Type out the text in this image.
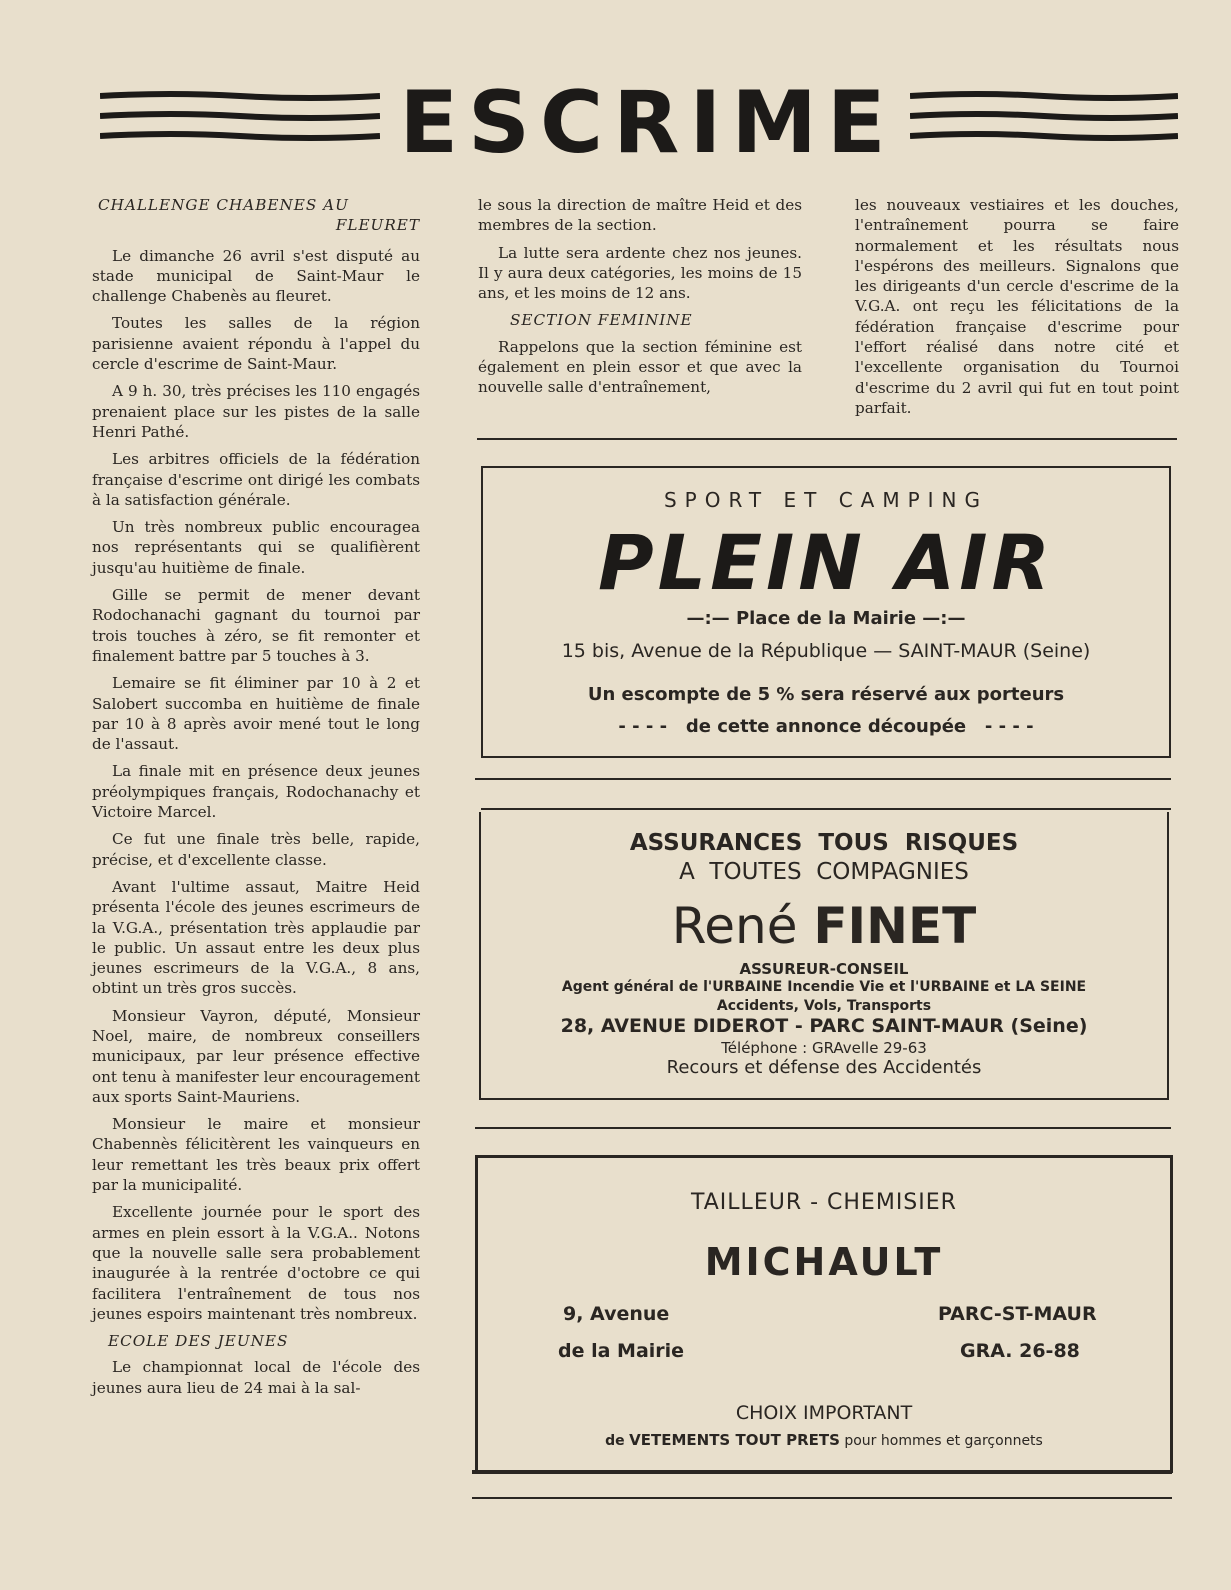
ESCRIME
CHALLENGE CHABENES AU
FLEURET

Le dimanche 26 avril s'est disputé au stade municipal de Saint-Maur le challenge Chabenès au fleuret.

Toutes les salles de la région parisienne avaient répondu à l'appel du cercle d'escrime de Saint-Maur.

A 9 h. 30, très précises les 110 engagés prenaient place sur les pistes de la salle Henri Pathé.

Les arbitres officiels de la fédération française d'escrime ont dirigé les combats à la satisfaction générale.

Un très nombreux public encouragea nos représentants qui se qualifièrent jusqu'au huitième de finale.

Gille se permit de mener devant Rodochanachi gagnant du tournoi par trois touches à zéro, se fit remonter et finalement battre par 5 touches à 3.

Lemaire se fit éliminer par 10 à 2 et Salobert succomba en huitième de finale par 10 à 8 après avoir mené tout le long de l'assaut.

La finale mit en présence deux jeunes préolympiques français, Rodochanachy et Victoire Marcel.

Ce fut une finale très belle, rapide, précise, et d'excellente classe.

Avant l'ultime assaut, Maitre Heid présenta l'école des jeunes escrimeurs de la V.G.A., présentation très applaudie par le public. Un assaut entre les deux plus jeunes escrimeurs de la V.G.A., 8 ans, obtint un très gros succès.

Monsieur Vayron, député, Monsieur Noel, maire, de nombreux conseillers municipaux, par leur présence effective ont tenu à manifester leur encouragement aux sports Saint-Mauriens.

Monsieur le maire et monsieur Chabennès félicitèrent les vainqueurs en leur remettant les très beaux prix offert par la municipalité.

Excellente journée pour le sport des armes en plein essort à la V.G.A.. Notons que la nouvelle salle sera probablement inaugurée à la rentrée d'octobre ce qui facilitera l'entraînement de tous nos jeunes espoirs maintenant très nombreux.

ECOLE DES JEUNES

Le championnat local de l'école des jeunes aura lieu de 24 mai à la sal-

le sous la direction de maître Heid et des membres de la section.

La lutte sera ardente chez nos jeunes. Il y aura deux catégories, les moins de 15 ans, et les moins de 12 ans.

SECTION FEMININE

Rappelons que la section féminine est également en plein essor et que avec la nouvelle salle d'entraînement,

les nouveaux vestiaires et les douches, l'entraînement pourra se faire normalement et les résultats nous l'espérons des meilleurs. Signalons que les dirigeants d'un cercle d'escrime de la V.G.A. ont reçu les félicitations de la fédération française d'escrime pour l'effort réalisé dans notre cité et l'excellente organisation du Tournoi d'escrime du 2 avril qui fut en tout point parfait.

SPORT ET CAMPING
PLEIN AIR
—:— Place de la Mairie —:—
15 bis, Avenue de la République — SAINT-MAUR (Seine)
Un escompte de 5 % sera réservé aux porteurs
- - - -   de cette annonce découpée   - - - -
ASSURANCES  TOUS  RISQUES
A  TOUTES  COMPAGNIES
René FINET
ASSUREUR-CONSEIL
Agent général de l'URBAINE Incendie Vie et l'URBAINE et LA SEINE
Accidents, Vols, Transports
28, AVENUE DIDEROT - PARC SAINT-MAUR (Seine)
Téléphone : GRAvelle 29-63
Recours et défense des Accidentés
TAILLEUR - CHEMISIER
MICHAULT
9, Avenue
de la Mairie
PARC-ST-MAUR
GRA. 26-88
CHOIX IMPORTANT
de VETEMENTS TOUT PRETS pour hommes et garçonnets
